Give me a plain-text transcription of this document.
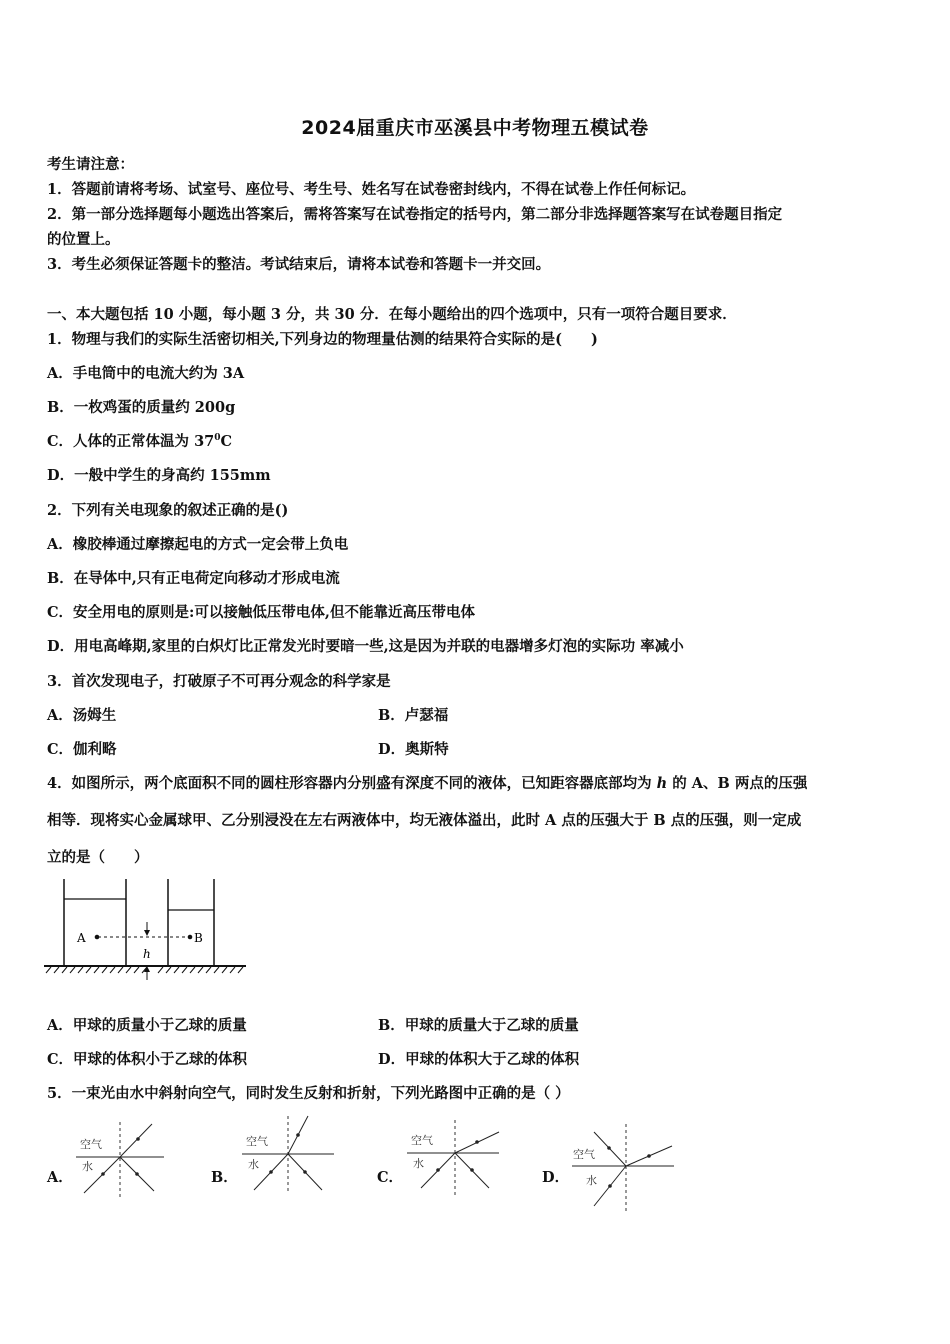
2024届重庆市巫溪县中考物理五模试卷
考生请注意：
1．答题前请将考场、试室号、座位号、考生号、姓名写在试卷密封线内，不得在试卷上作任何标记。
2．第一部分选择题每小题选出答案后，需将答案写在试卷指定的括号内，第二部分非选择题答案写在试卷题目指定
的位置上。
3．考生必须保证答题卡的整洁。考试结束后，请将本试卷和答题卡一并交回。
一、本大题包括 10 小题，每小题 3 分，共 30 分．在每小题给出的四个选项中，只有一项符合题目要求．
1．物理与我们的实际生活密切相关,下列身边的物理量估测的结果符合实际的是(　　)
A．手电筒中的电流大约为 3A
B．一枚鸡蛋的质量约 200g
C．人体的正常体温为 $37^0C$
D．一般中学生的身高约 155mm
2．下列有关电现象的叙述正确的是()
A．橡胶棒通过摩擦起电的方式一定会带上负电
B．在导体中,只有正电荷定向移动才形成电流
C．安全用电的原则是:可以接触低压带电体,但不能靠近高压带电体
D．用电高峰期,家里的白炽灯比正常发光时要暗一些,这是因为并联的电器增多灯泡的实际功 率减小
3．首次发现电子，打破原子不可再分观念的科学家是
A．汤姆生	B．卢瑟福
C．伽利略	D．奥斯特
4．如图所示，两个底面积不同的圆柱形容器内分别盛有深度不同的液体，已知距容器底部均为 h 的 A、B 两点的压强
相等．现将实心金属球甲、乙分别浸没在左右两液体中，均无液体溢出，此时 A 点的压强大于 B 点的压强，则一定成
立的是（　　）
A	B
h
A．甲球的质量小于乙球的质量	B．甲球的质量大于乙球的质量
C．甲球的体积小于乙球的体积	D．甲球的体积大于乙球的体积
5．一束光由水中斜射向空气，同时发生反射和折射，下列光路图中正确的是（ ）
A．
空气
水
B．
空气
水
C．
空气
水
D．
空气
水
